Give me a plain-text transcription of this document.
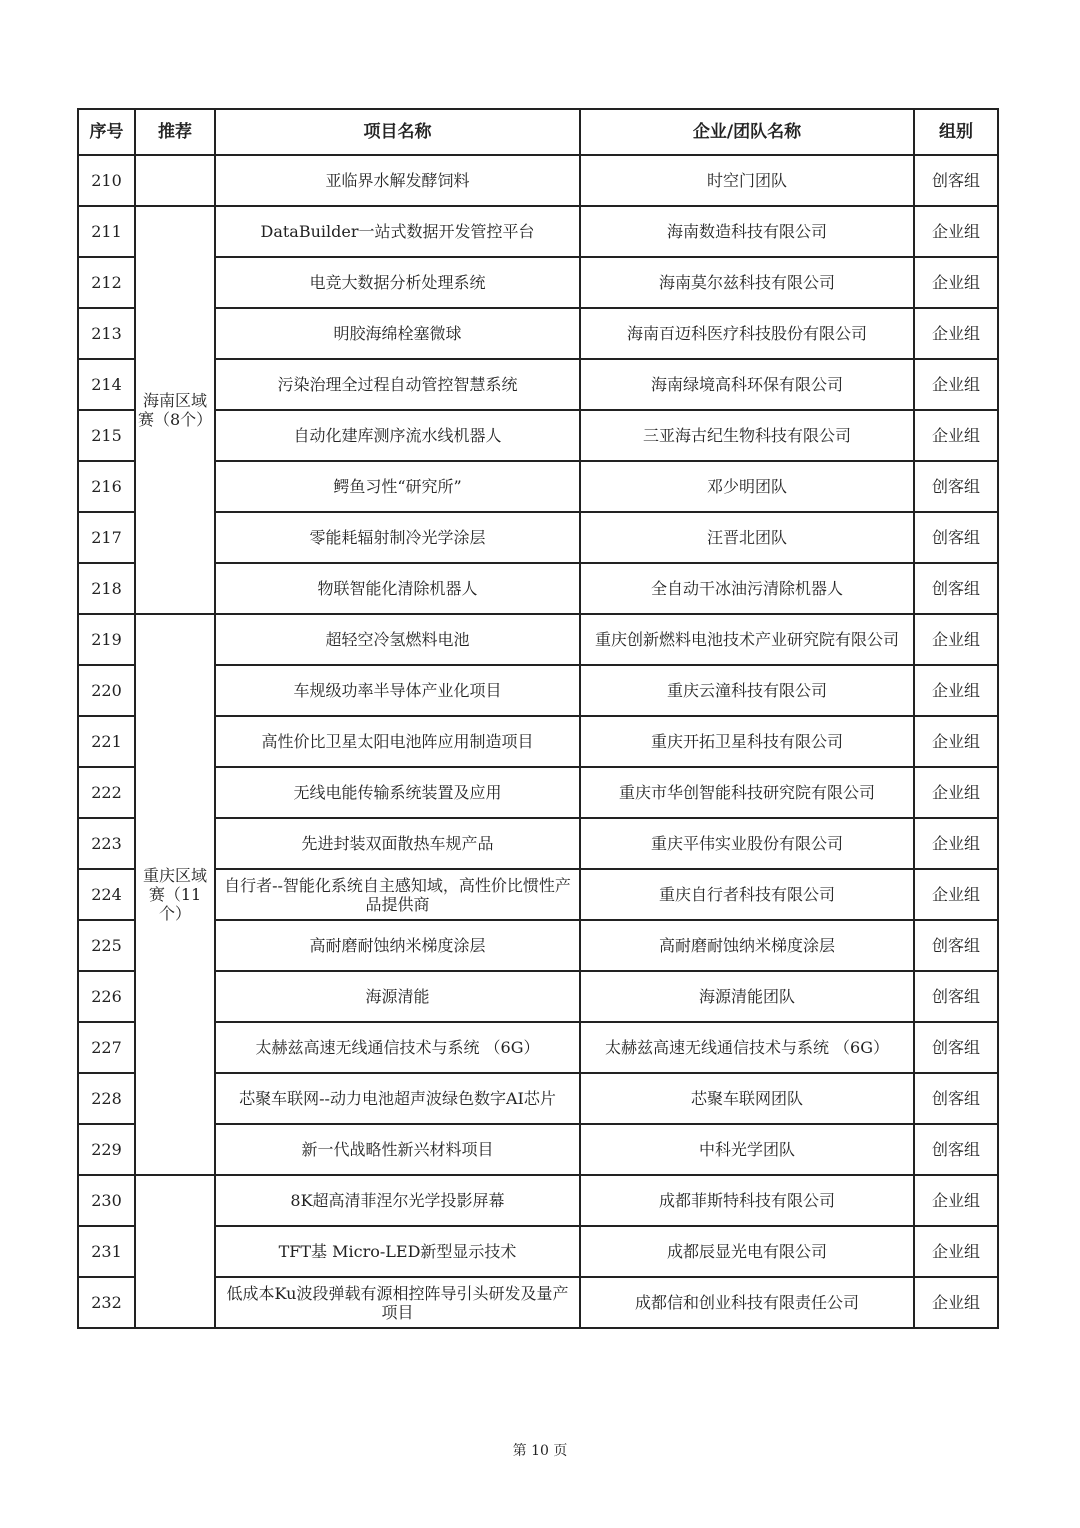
序号	推荐	项目名称	企业/团队名称	组别
210		亚临界水解发酵饲料	时空门团队	创客组
211	海南区域赛（8个）	DataBuilder一站式数据开发管控平台	海南数造科技有限公司	企业组
212		电竞大数据分析处理系统	海南莫尔兹科技有限公司	企业组
213		明胶海绵栓塞微球	海南百迈科医疗科技股份有限公司	企业组
214		污染治理全过程自动管控智慧系统	海南绿境高科环保有限公司	企业组
215		自动化建库测序流水线机器人	三亚海古纪生物科技有限公司	企业组
216		鳄鱼习性“研究所”	邓少明团队	创客组
217		零能耗辐射制冷光学涂层	汪晋北团队	创客组
218		物联智能化清除机器人	全自动干冰油污清除机器人	创客组
219	重庆区域赛（11个）	超轻空冷氢燃料电池	重庆创新燃料电池技术产业研究院有限公司	企业组
220		车规级功率半导体产业化项目	重庆云潼科技有限公司	企业组
221		高性价比卫星太阳电池阵应用制造项目	重庆开拓卫星科技有限公司	企业组
222		无线电能传输系统装置及应用	重庆市华创智能科技研究院有限公司	企业组
223		先进封装双面散热车规产品	重庆平伟实业股份有限公司	企业组
224		自行者--智能化系统自主感知域，高性价比惯性产品提供商	重庆自行者科技有限公司	企业组
225		高耐磨耐蚀纳米梯度涂层	高耐磨耐蚀纳米梯度涂层	创客组
226		海源清能	海源清能团队	创客组
227		太赫兹高速无线通信技术与系统 （6G）	太赫兹高速无线通信技术与系统 （6G）	创客组
228		芯聚车联网--动力电池超声波绿色数字AI芯片	芯聚车联网团队	创客组
229		新一代战略性新兴材料项目	中科光学团队	创客组
230		8K超高清菲涅尔光学投影屏幕	成都菲斯特科技有限公司	企业组
231		TFT基 Micro-LED新型显示技术	成都辰显光电有限公司	企业组
232		低成本Ku波段弹载有源相控阵导引头研发及量产项目	成都信和创业科技有限责任公司	企业组
第 10 页
